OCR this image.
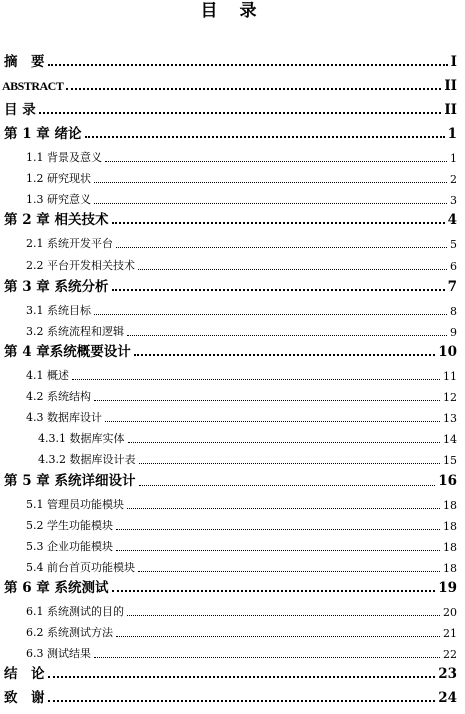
目 录
摘　要	I
ABSTRACT	II
目 录	II
第 1 章 绪论	1
1.1 背景及意义	1
1.2 研究现状	2
1.3 研究意义	3
第 2 章 相关技术	4
2.1 系统开发平台	5
2.2 平台开发相关技术	6
第 3 章 系统分析	7
3.1 系统目标	8
3.2 系统流程和逻辑	9
第 4 章系统概要设计	10
4.1 概述	11
4.2 系统结构	12
4.3 数据库设计	13
4.3.1 数据库实体	14
4.3.2 数据库设计表	15
第 5 章 系统详细设计	16
5.1 管理员功能模块	18
5.2 学生功能模块	18
5.3 企业功能模块	18
5.4 前台首页功能模块	18
第 6 章 系统测试	19
6.1 系统测试的目的	20
6.2 系统测试方法	21
6.3 测试结果	22
结　论	23
致　谢	24
